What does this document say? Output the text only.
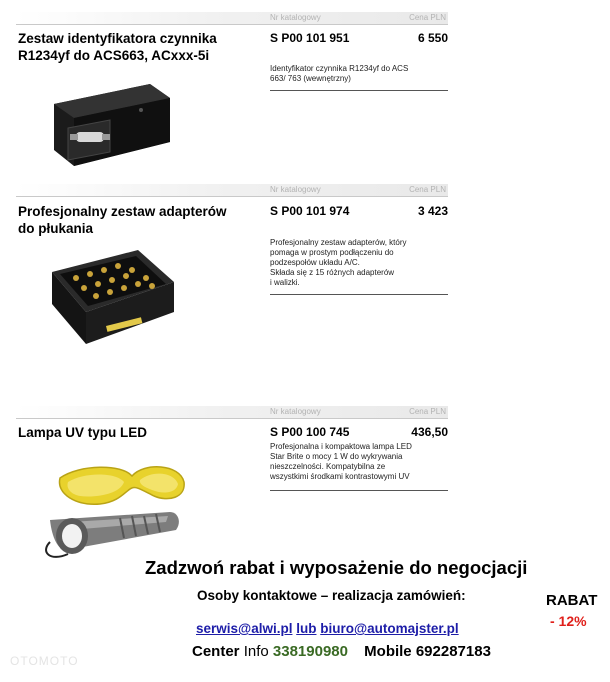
Nr katalogowy	Cena PLN
Zestaw identyfikatora czynnika
R1234yf do ACS663, ACxxx-5i
S P00 101 951	6 550
Identyfikator czynnika R1234yf do ACS
663/ 763 (wewnętrzny)
Nr katalogowy	Cena PLN
Profesjonalny zestaw adapterów
do płukania
S P00 101 974	3 423
Profesjonalny zestaw adapterów, który
pomaga w prostym podłączeniu do
podzespołów układu A/C.
Składa się z 15 różnych adapterów
i walizki.
Nr katalogowy	Cena PLN
Lampa UV typu LED	S P00 100 745	436,50
Profesjonalna i kompaktowa lampa LED
Star Brite o mocy 1 W do wykrywania
nieszczelności. Kompatybilna ze
wszystkimi środkami kontrastowymi UV
Zadzwoń rabat i wyposażenie do negocjacji
Osoby kontaktowe – realizacja zamówień:	RABAT
- 12%
serwis@alwi.pl lub biuro@automajster.pl
Center Info 338190980 Mobile 692287183
OTOMOTO
